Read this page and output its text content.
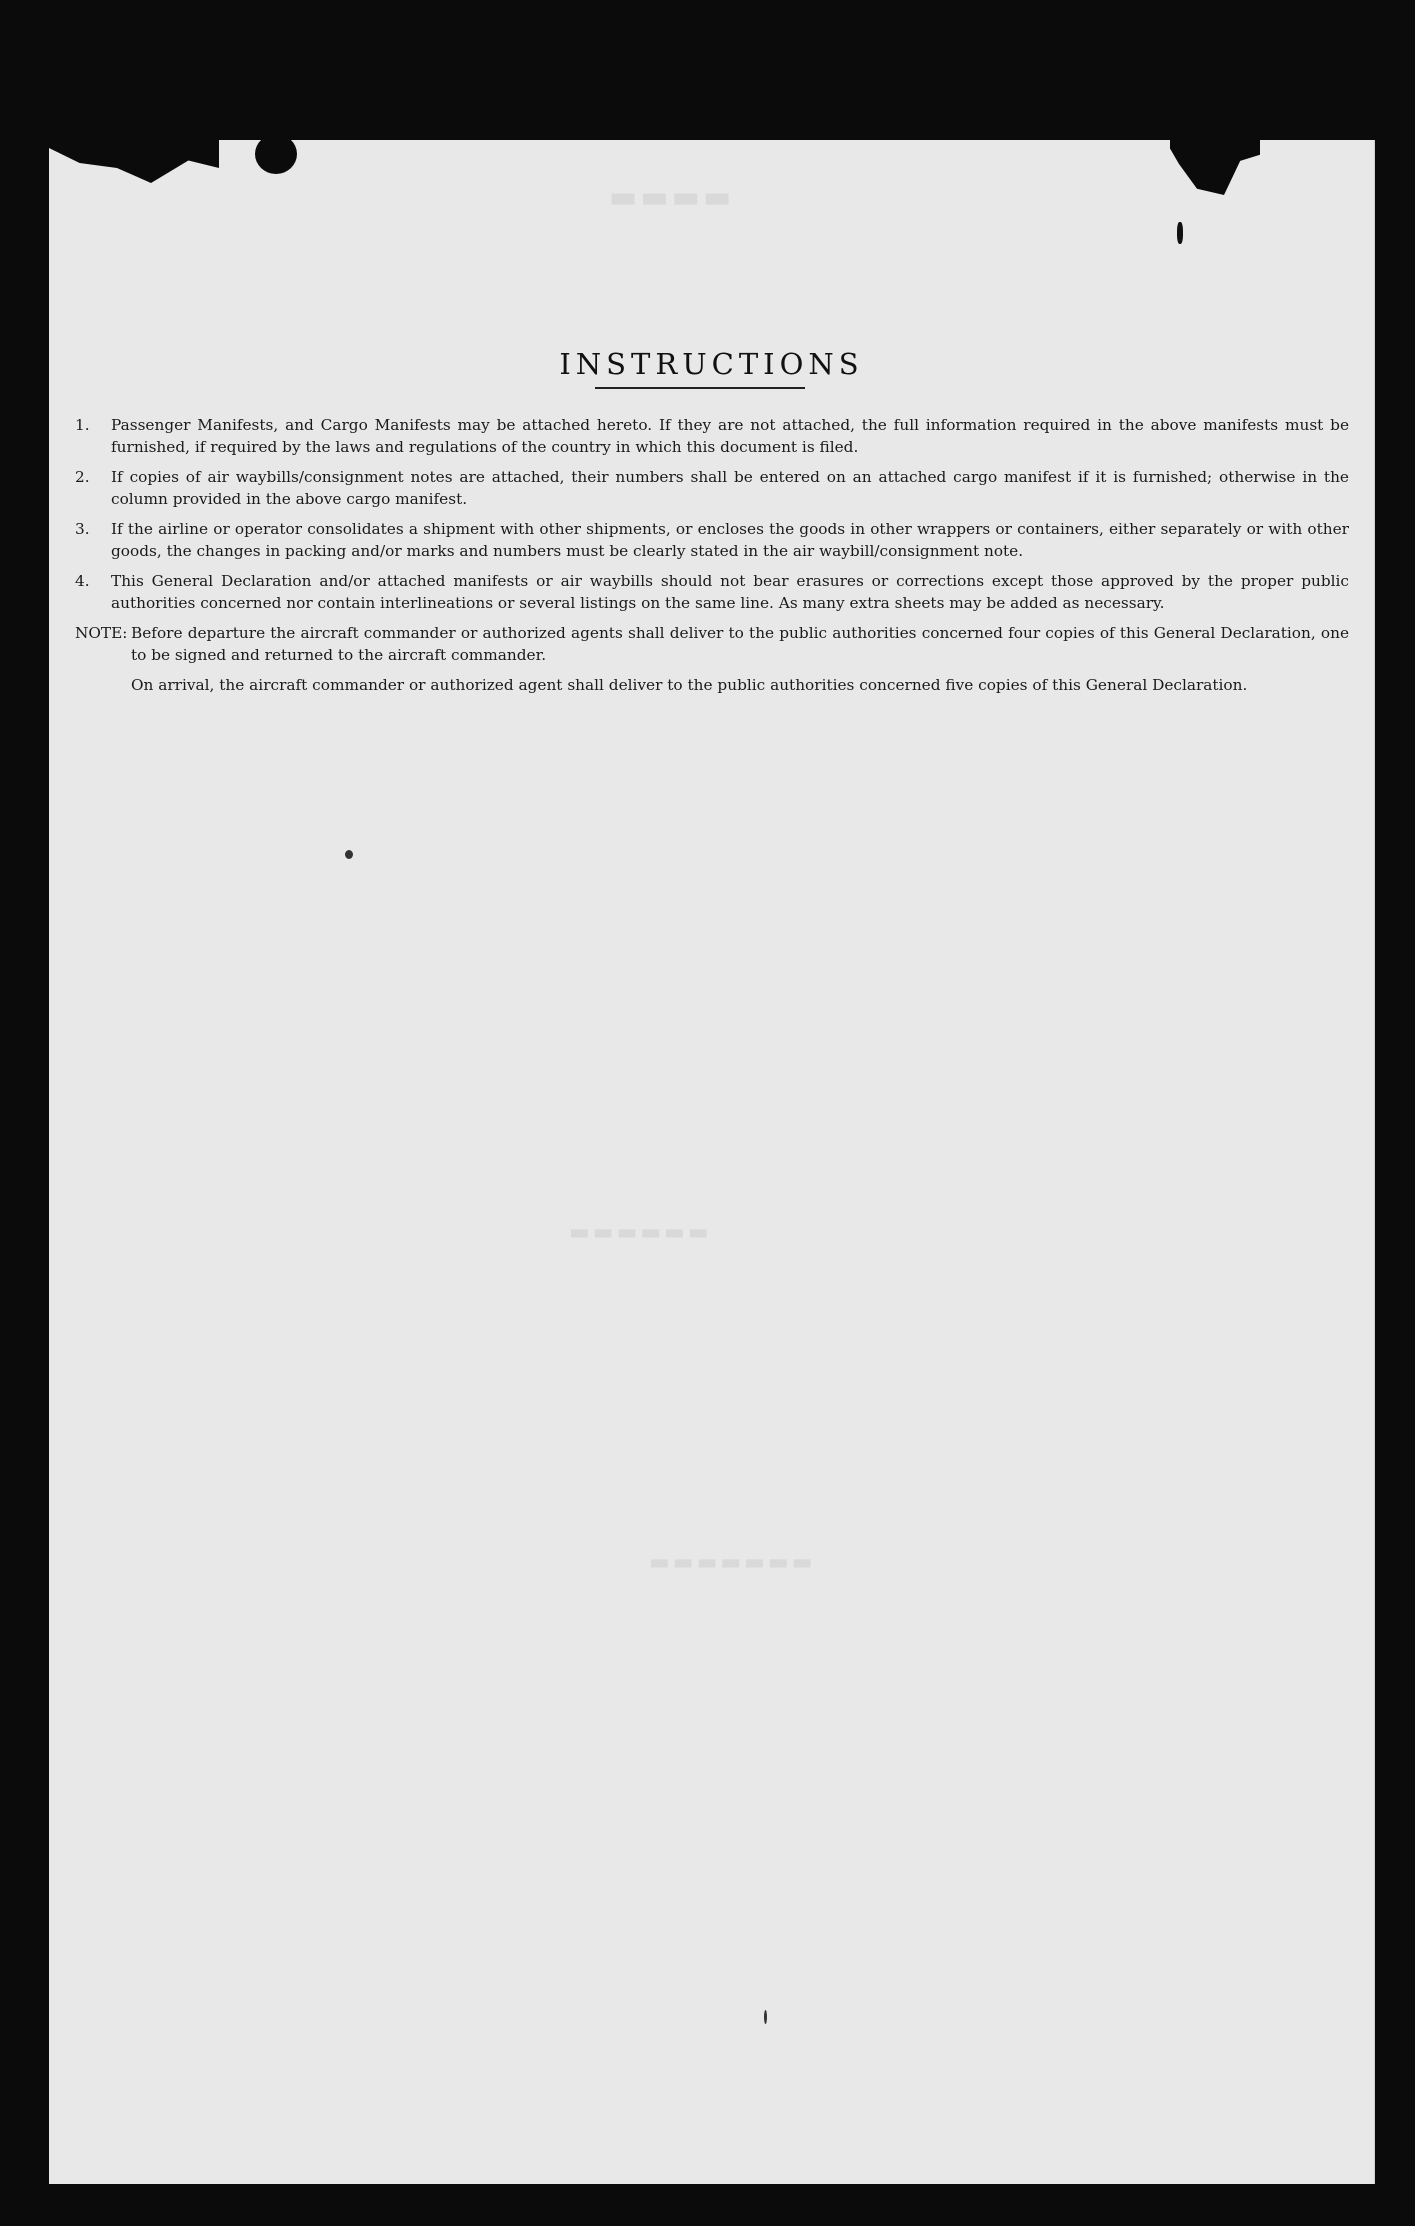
▬▬▬▬
▬▬▬▬▬▬▬
▬▬▬▬▬▬
INSTRUCTIONS
1.	Passenger Manifests, and Cargo Manifests may be attached hereto. If they are not attached, the full information required in the above manifests must be furnished, if required by the laws and regulations of the country in which this document is filed.
2.	If copies of air waybills/consignment notes are attached, their numbers shall be entered on an attached cargo manifest if it is furnished; otherwise in the column provided in the above cargo manifest.
3.	If the airline or operator consolidates a shipment with other shipments, or encloses the goods in other wrappers or containers, either separately or with other goods, the changes in packing and/or marks and numbers must be clearly stated in the air waybill/consignment note.
4.	This General Declaration and/or attached manifests or air waybills should not bear erasures or corrections except those approved by the proper public authorities concerned nor contain interlineations or several listings on the same line. As many extra sheets may be added as necessary.
NOTE: Before departure the aircraft commander or authorized agents shall deliver to the public authorities concerned four copies of this General Declaration, one to be signed and returned to the aircraft commander.

On arrival, the aircraft commander or authorized agent shall deliver to the public authorities concerned five copies of this General Declaration.
